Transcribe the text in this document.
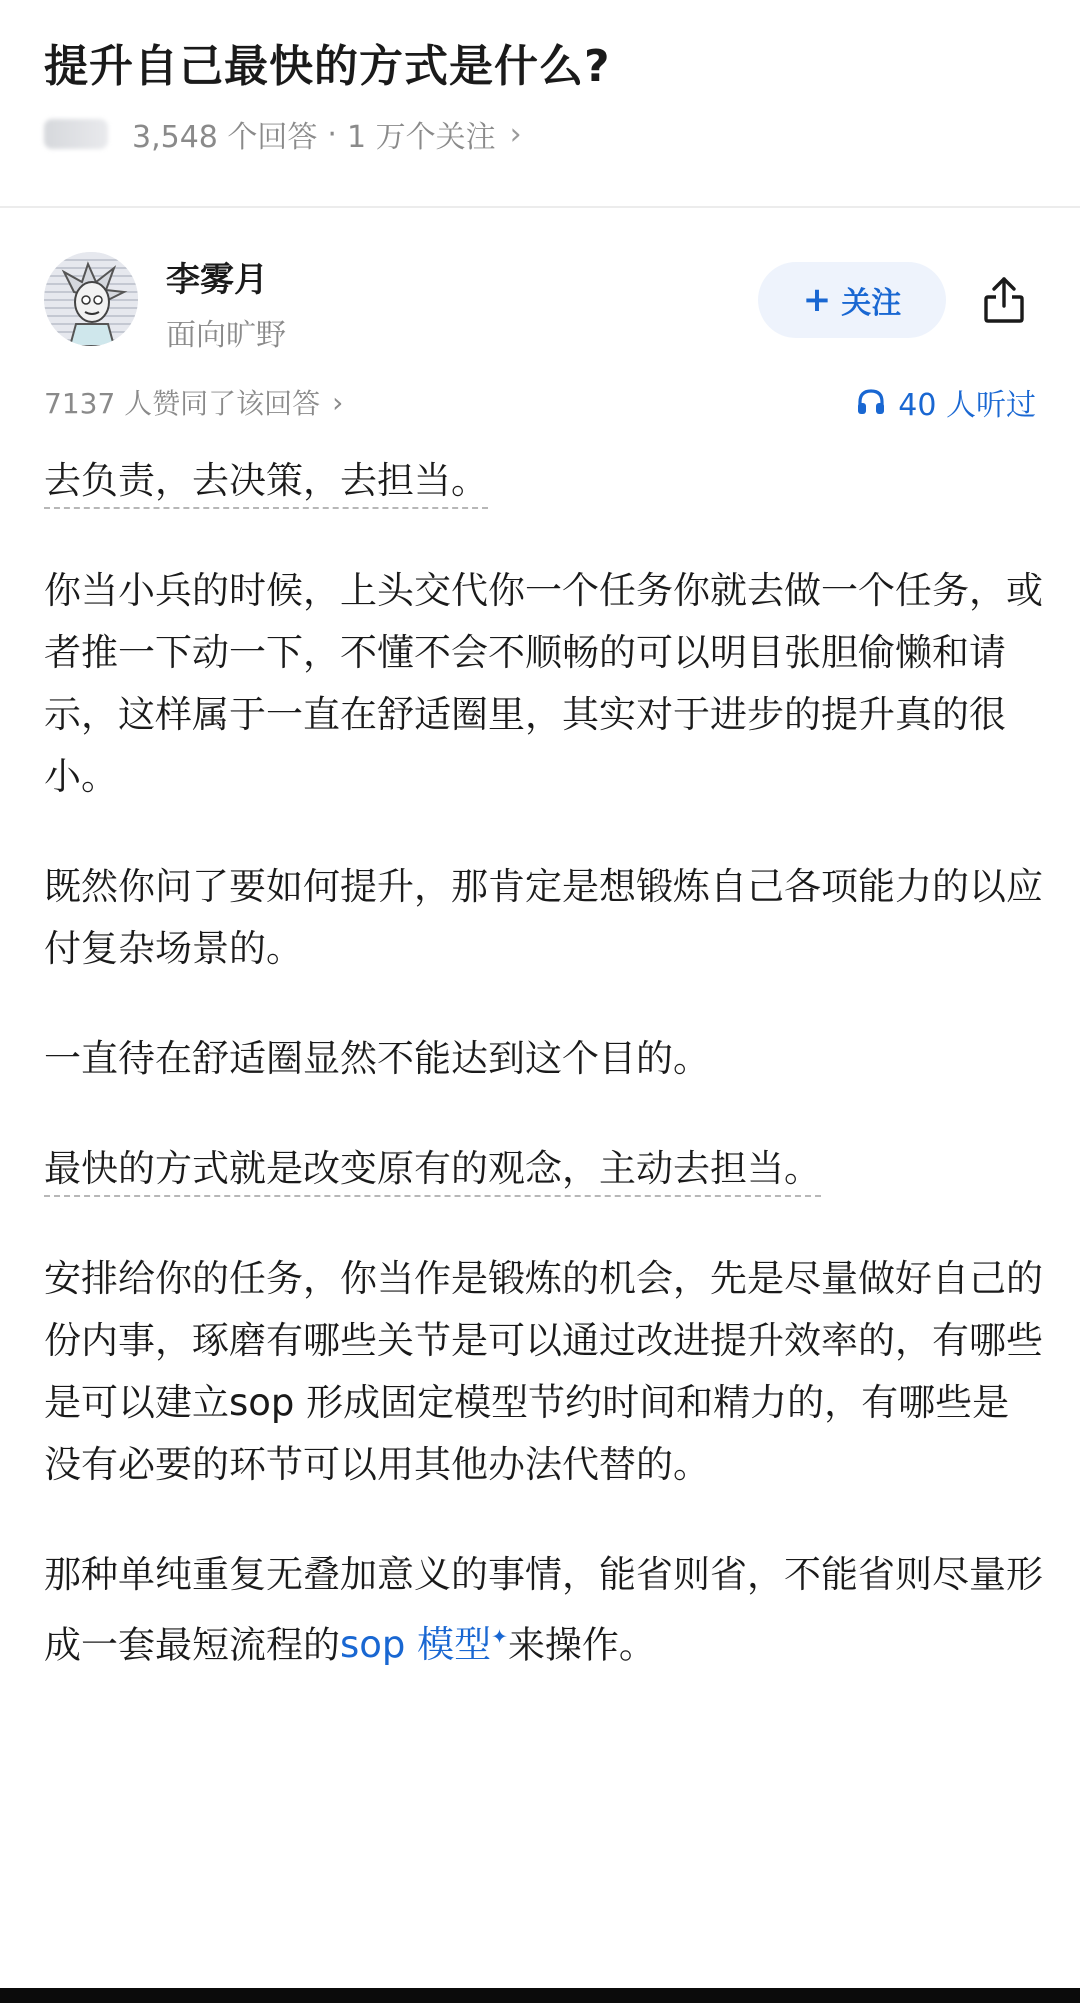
提升自己最快的方式是什么?
3,548 个回答 · 1 万个关注 ›
李雾月
面向旷野
+ 关注
7137 人赞同了该回答 ›	40 人听过

去负责，去决策，去担当。

你当小兵的时候，上头交代你一个任务你就去做一个任务，或者推一下动一下，不懂不会不顺畅的可以明目张胆偷懒和请示，这样属于一直在舒适圈里，其实对于进步的提升真的很小。

既然你问了要如何提升，那肯定是想锻炼自己各项能力的以应付复杂场景的。

一直待在舒适圈显然不能达到这个目的。

最快的方式就是改变原有的观念，主动去担当。

安排给你的任务，你当作是锻炼的机会，先是尽量做好自己的份内事，琢磨有哪些关节是可以通过改进提升效率的，有哪些是可以建立sop 形成固定模型节约时间和精力的，有哪些是没有必要的环节可以用其他办法代替的。

那种单纯重复无叠加意义的事情，能省则省，不能省则尽量形成一套最短流程的sop 模型✦来操作。
